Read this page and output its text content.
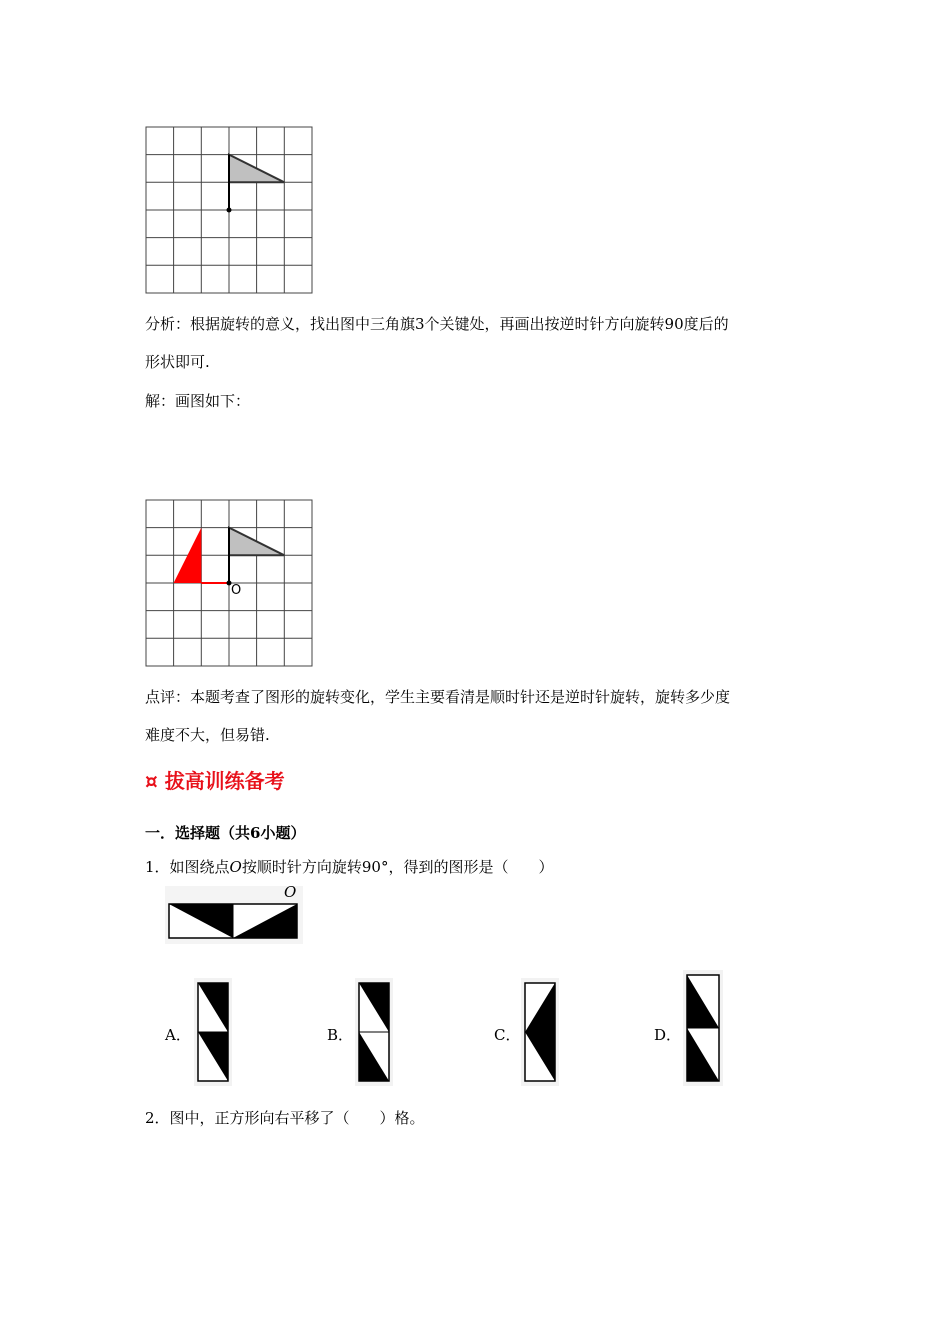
分析：根据旋转的意义，找出图中三角旗3个关键处，再画出按逆时针方向旋转90度后的
形状即可.
解：画图如下：
O
点评：本题考查了图形的旋转变化，学生主要看清是顺时针还是逆时针旋转，旋转多少度
难度不大，但易错.
¤ 拔高训练备考
一．选择题（共6小题）
1．如图绕点O按顺时针方向旋转90°，得到的图形是（　　）
O
A．	B．	C．	D．
2．图中，正方形向右平移了（　　）格。
